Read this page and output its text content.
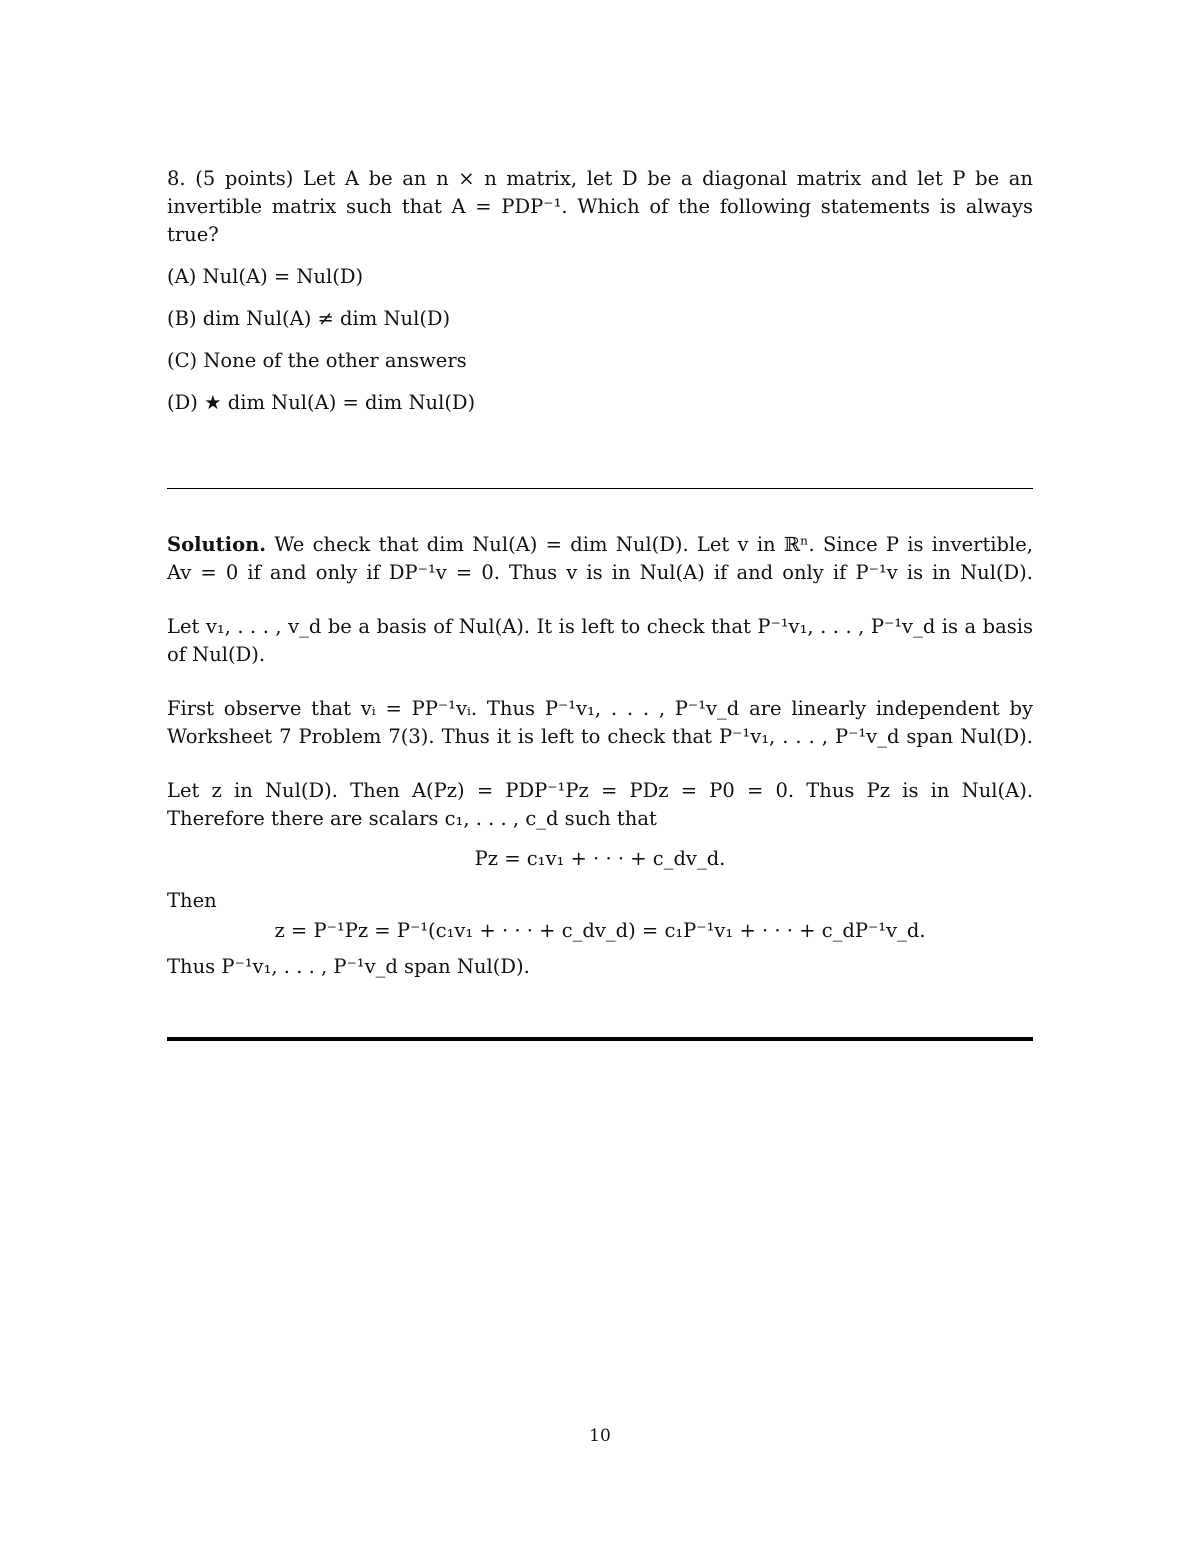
8. (5 points) Let A be an n × n matrix, let D be a diagonal matrix and let P be an
invertible matrix such that A = PDP⁻¹. Which of the following statements is always
true?
(A) Nul(A) = Nul(D)
(B) dim Nul(A) ≠ dim Nul(D)
(C) None of the other answers
(D) ★ dim Nul(A) = dim Nul(D)
Solution. We check that dim Nul(A) = dim Nul(D). Let v in ℝⁿ. Since P is invertible,
Av = 0 if and only if DP⁻¹v = 0. Thus v is in Nul(A) if and only if P⁻¹v is in Nul(D).
Let v₁, . . . , v_d be a basis of Nul(A). It is left to check that P⁻¹v₁, . . . , P⁻¹v_d is a basis
of Nul(D).
First observe that vᵢ = PP⁻¹vᵢ. Thus P⁻¹v₁, . . . , P⁻¹v_d are linearly independent by
Worksheet 7 Problem 7(3). Thus it is left to check that P⁻¹v₁, . . . , P⁻¹v_d span Nul(D).
Let z in Nul(D). Then A(Pz) = PDP⁻¹Pz = PDz = P0 = 0. Thus Pz is in Nul(A).
Therefore there are scalars c₁, . . . , c_d such that
Pz = c₁v₁ + · · · + c_dv_d.
Then
z = P⁻¹Pz = P⁻¹(c₁v₁ + · · · + c_dv_d) = c₁P⁻¹v₁ + · · · + c_dP⁻¹v_d.
Thus P⁻¹v₁, . . . , P⁻¹v_d span Nul(D).
10
